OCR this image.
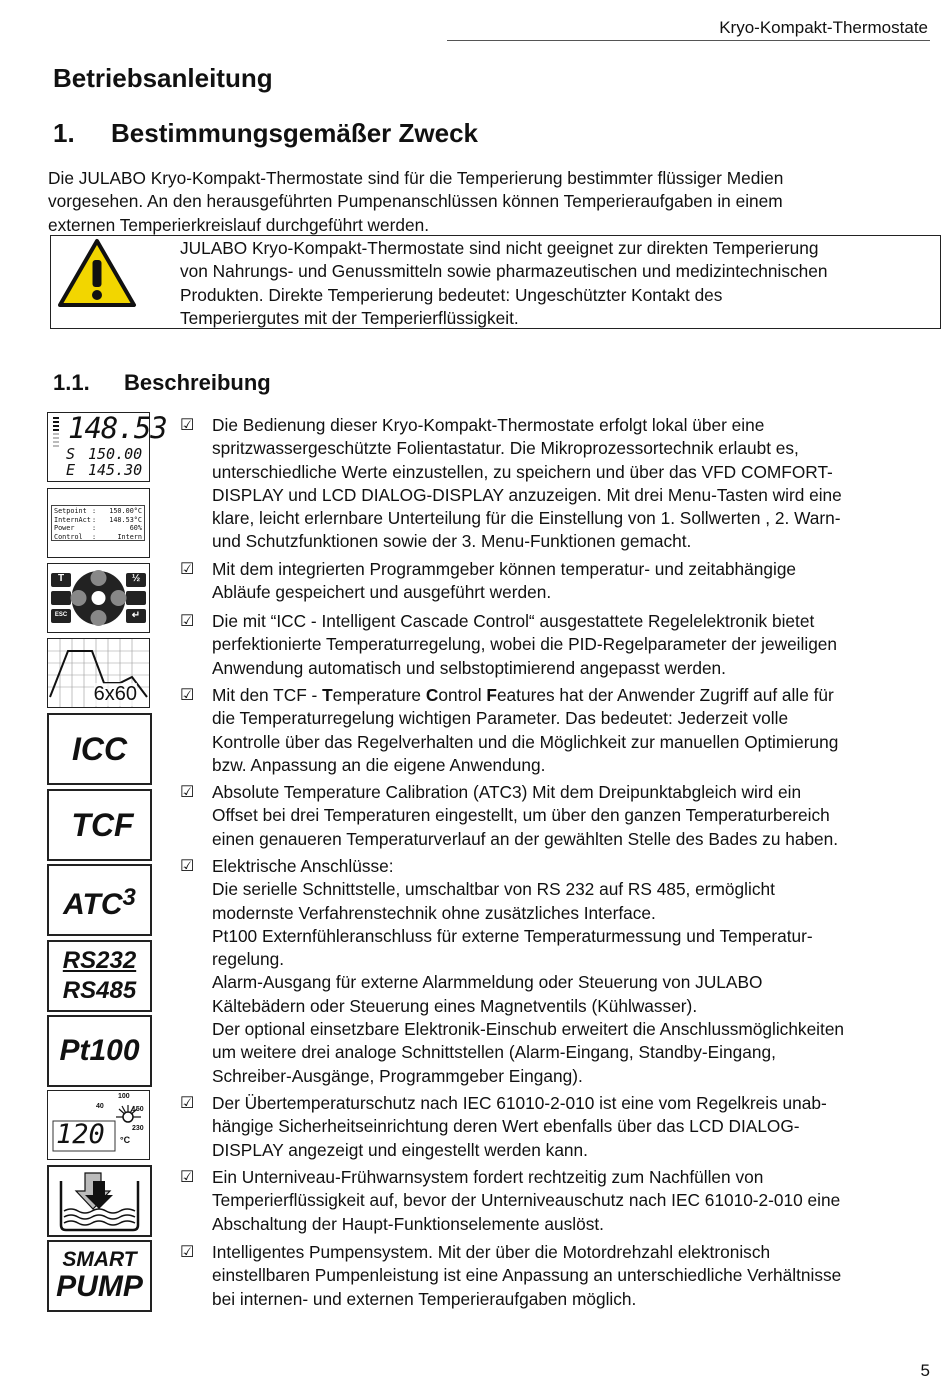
Kryo-Kompakt-Thermostate
Betriebsanleitung
1. Bestimmungsgemäßer Zweck
Die JULABO Kryo-Kompakt-Thermostate sind für die Temperierung bestimmter flüssiger Medien
vorgesehen. An den herausgeführten Pumpenanschlüssen können Temperieraufgaben in einem
externen Temperierkreislauf durchgeführt werden.
JULABO Kryo-Kompakt-Thermostate sind nicht geeignet zur direkten Temperierung
von Nahrungs- und Genussmitteln sowie pharmazeutischen und medizintechnischen
Produkten. Direkte Temperierung bedeutet: Ungeschützter Kontakt des
Temperiergutes mit der Temperierflüssigkeit.
1.1. Beschreibung
148.53
S 150.00
E 145.30
Setpoint :	150.00°C
InternAct :	148.53°C
Power	:	60%
Control	:	Intern
T	½
ESC	↵
6x60
ICC
TCF
ATC$^3$
RS232
RS485
Pt100
100
40	150
230
120 °C
SMART
PUMP
☑ Die Bedienung dieser Kryo-Kompakt-Thermostate erfolgt lokal über eine
spritzwassergeschützte Folientastatur. Die Mikroprozessortechnik erlaubt es,
unterschiedliche Werte einzustellen, zu speichern und über das VFD COMFORT-
DISPLAY und LCD DIALOG-DISPLAY anzuzeigen. Mit drei Menu-Tasten wird eine
klare, leicht erlernbare Unterteilung für die Einstellung von 1. Sollwerten , 2. Warn-
und Schutzfunktionen sowie der 3. Menu-Funktionen gemacht.
☑ Mit dem integrierten Programmgeber können temperatur- und zeitabhängige
Abläufe gespeichert und ausgeführt werden.
☑ Die mit “ICC - Intelligent Cascade Control“ ausgestattete Regelelektronik bietet
perfektionierte Temperaturregelung, wobei die PID-Regelparameter der jeweiligen
Anwendung automatisch und selbstoptimierend angepasst werden.
☑ Mit den TCF - Temperature Control Features hat der Anwender Zugriff auf alle für
die Temperaturregelung wichtigen Parameter. Das bedeutet: Jederzeit volle
Kontrolle über das Regelverhalten und die Möglichkeit zur manuellen Optimierung
bzw. Anpassung an die eigene Anwendung.
☑ Absolute Temperature Calibration (ATC3) Mit dem Dreipunktabgleich wird ein
Offset bei drei Temperaturen eingestellt, um über den ganzen Temperaturbereich
einen genaueren Temperaturverlauf an der gewählten Stelle des Bades zu haben.
☑ Elektrische Anschlüsse:
Die serielle Schnittstelle, umschaltbar von RS 232 auf RS 485, ermöglicht
modernste Verfahrenstechnik ohne zusätzliches Interface.
Pt100 Externfühleranschluss für externe Temperaturmessung und Temperatur-
regelung.
Alarm-Ausgang für externe Alarmmeldung oder Steuerung von JULABO
Kältebädern oder Steuerung eines Magnetventils (Kühlwasser).
Der optional einsetzbare Elektronik-Einschub erweitert die Anschlussmöglichkeiten
um weitere drei analoge Schnittstellen (Alarm-Eingang, Standby-Eingang,
Schreiber-Ausgänge, Programmgeber Eingang).
☑ Der Übertemperaturschutz nach IEC 61010-2-010 ist eine vom Regelkreis unab-
hängige Sicherheitseinrichtung deren Wert ebenfalls über das LCD DIALOG-
DISPLAY angezeigt und eingestellt werden kann.
☑ Ein Unterniveau-Frühwarnsystem fordert rechtzeitig zum Nachfüllen von
Temperierflüssigkeit auf, bevor der Unterniveauschutz nach IEC 61010-2-010 eine
Abschaltung der Haupt-Funktionselemente auslöst.
☑ Intelligentes Pumpensystem. Mit der über die Motordrehzahl elektronisch
einstellbaren Pumpenleistung ist eine Anpassung an unterschiedliche Verhältnisse
bei internen- und externen Temperieraufgaben möglich.
5
